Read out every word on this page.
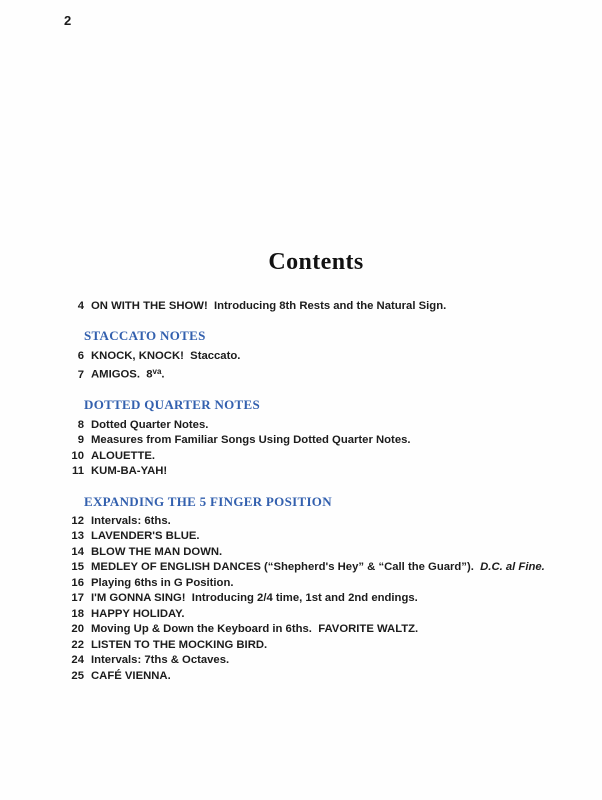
2
Contents
4 ON WITH THE SHOW!  Introducing 8th Rests and the Natural Sign.
STACCATO NOTES
6 KNOCK, KNOCK!  Staccato.
7 AMIGOS.  $8^{va}$.
DOTTED QUARTER NOTES
8 Dotted Quarter Notes.
9 Measures from Familiar Songs Using Dotted Quarter Notes.
10 ALOUETTE.
11 KUM-BA-YAH!
EXPANDING THE 5 FINGER POSITION
12 Intervals: 6ths.
13 LAVENDER'S BLUE.
14 BLOW THE MAN DOWN.
15 MEDLEY OF ENGLISH DANCES (“Shepherd's Hey” & “Call the Guard”).  D.C. al Fine.
16 Playing 6ths in G Position.
17 I'M GONNA SING!  Introducing 2/4 time, 1st and 2nd endings.
18 HAPPY HOLIDAY.
20 Moving Up & Down the Keyboard in 6ths.  FAVORITE WALTZ.
22 LISTEN TO THE MOCKING BIRD.
24 Intervals: 7ths & Octaves.
25 CAFÉ VIENNA.
